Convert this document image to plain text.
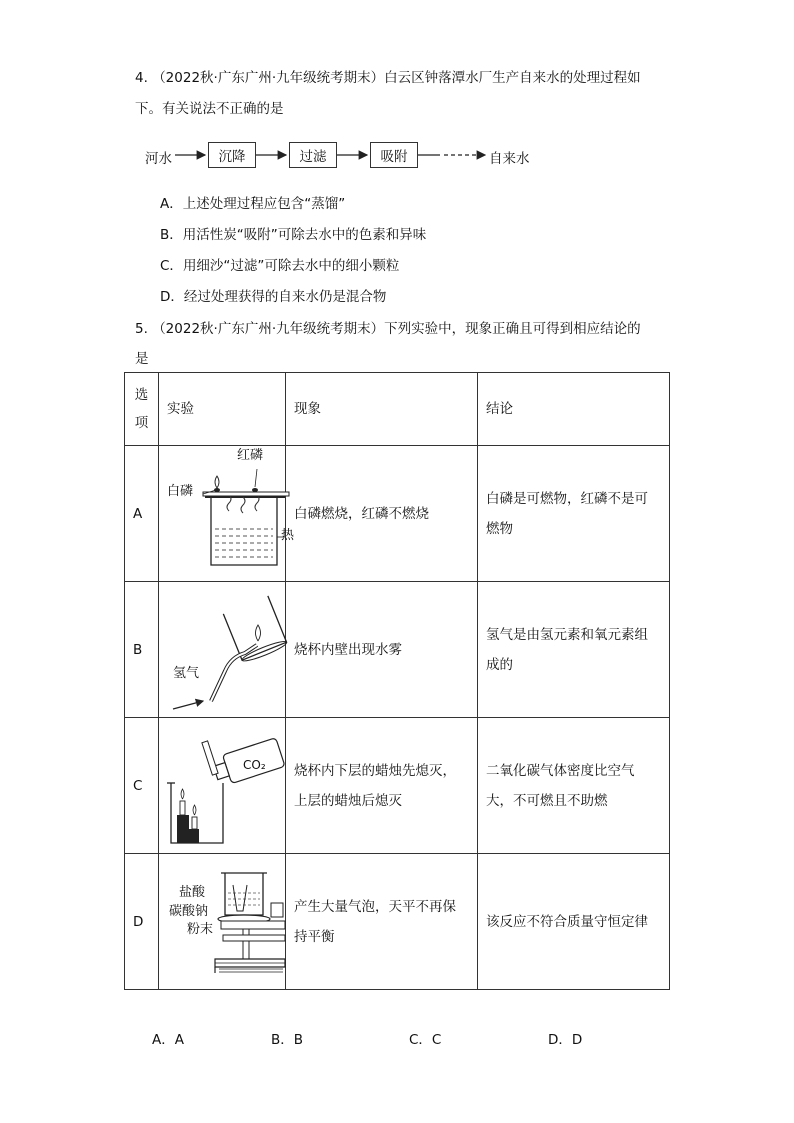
4. （2022秋·广东广州·九年级统考期末）白云区钟落潭水厂生产自来水的处理过程如
下。有关说法不正确的是
河水	沉降	过滤	吸附	自来水
A．上述处理过程应包含“蒸馏”
B．用活性炭“吸附”可除去水中的色素和异味
C．用细沙“过滤”可除去水中的细小颗粒
D．经过处理获得的自来水仍是混合物
5. （2022秋·广东广州·九年级统考期末）下列实验中，现象正确且可得到相应结论的
是
选项	实验	现象	结论
A	红磷
白磷
热	白磷燃烧，红磷不燃烧	白磷是可燃物，红磷不是可燃物
B	氢气	烧杯内壁出现水雾	氢气是由氢元素和氧元素组成的
C	CO₂	烧杯内下层的蜡烛先熄灭，上层的蜡烛后熄灭	二氧化碳气体密度比空气大，不可燃且不助燃
D	盐酸
碳酸钠
粉末	产生大量气泡，天平不再保持平衡	该反应不符合质量守恒定律
A．A	B．B	C．C	D．D
